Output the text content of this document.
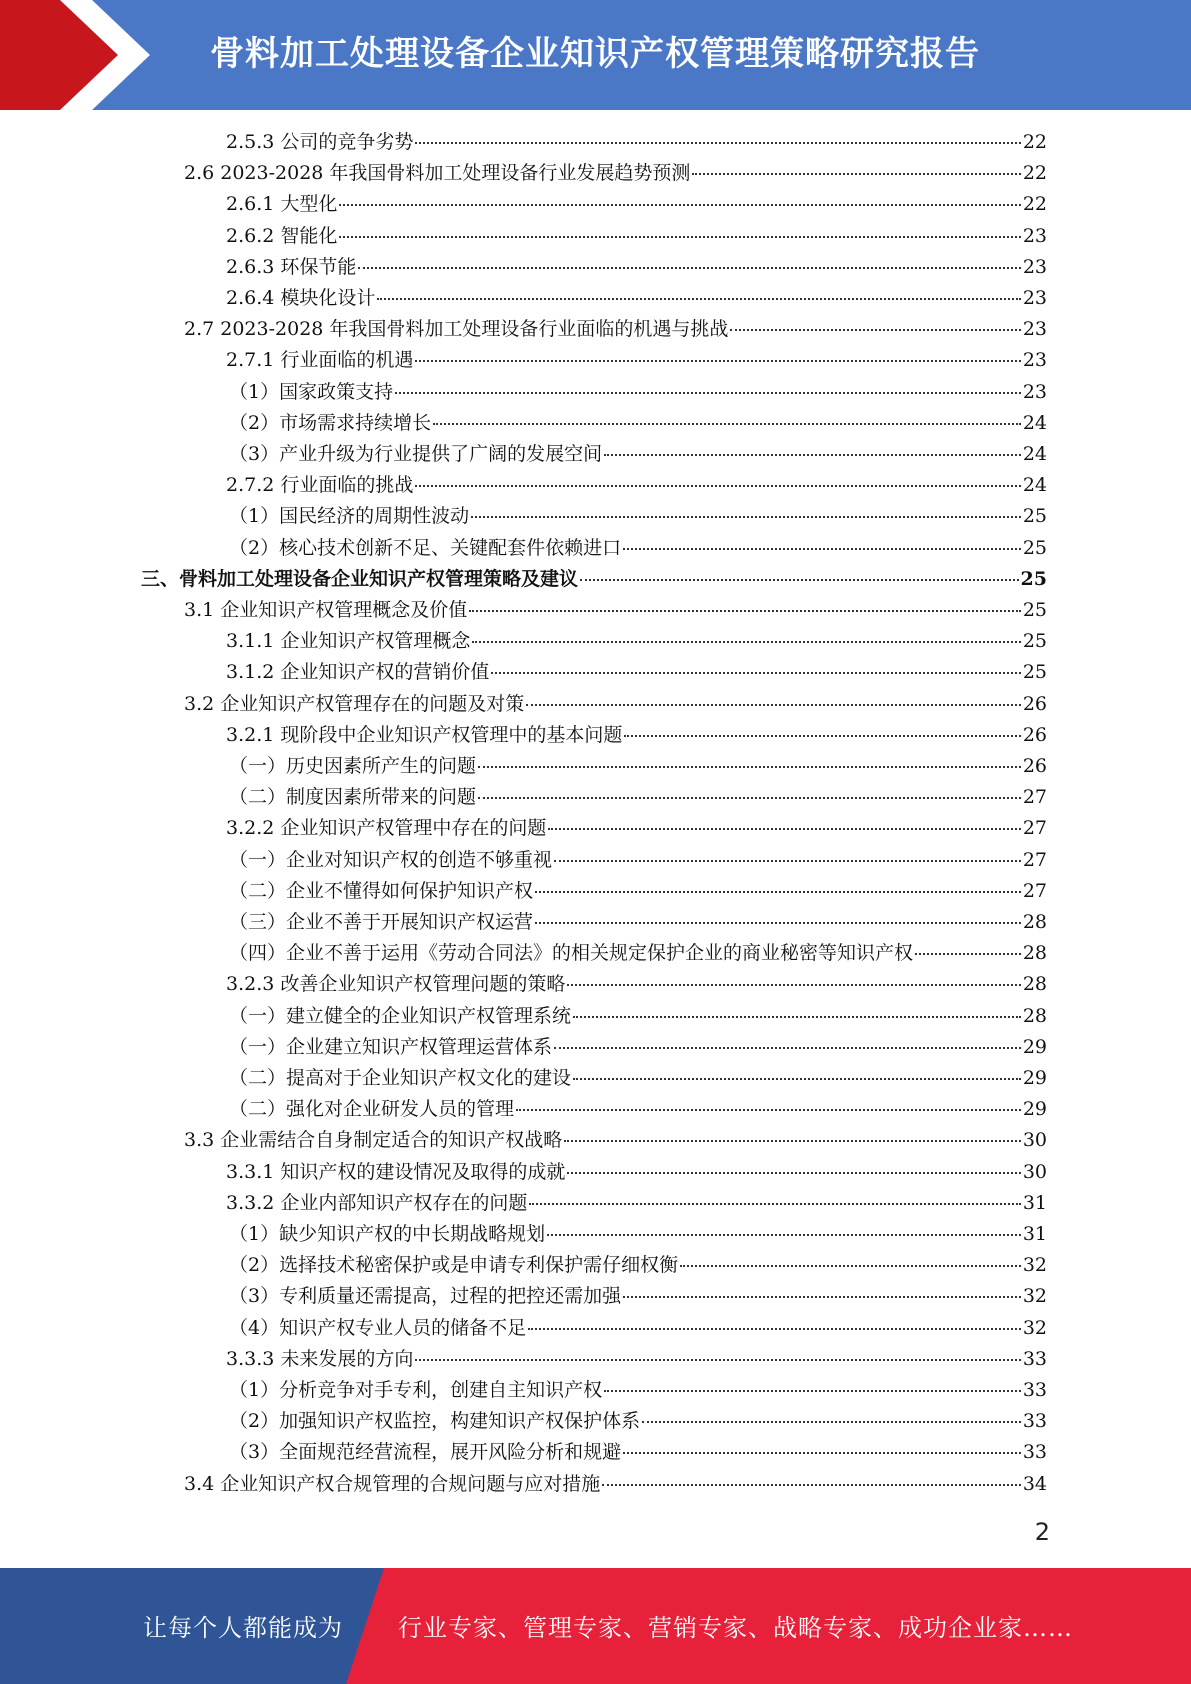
骨料加工处理设备企业知识产权管理策略研究报告
2.5.3 公司的竞争劣势	22
2.6 2023-2028 年我国骨料加工处理设备行业发展趋势预测	22
2.6.1 大型化	22
2.6.2 智能化	23
2.6.3 环保节能	23
2.6.4 模块化设计	23
2.7 2023-2028 年我国骨料加工处理设备行业面临的机遇与挑战	23
2.7.1 行业面临的机遇	23
（1）国家政策支持	23
（2）市场需求持续增长	24
（3）产业升级为行业提供了广阔的发展空间	24
2.7.2 行业面临的挑战	24
（1）国民经济的周期性波动	25
（2）核心技术创新不足、关键配套件依赖进口	25
三、骨料加工处理设备企业知识产权管理策略及建议	25
3.1 企业知识产权管理概念及价值	25
3.1.1 企业知识产权管理概念	25
3.1.2 企业知识产权的营销价值	25
3.2 企业知识产权管理存在的问题及对策	26
3.2.1 现阶段中企业知识产权管理中的基本问题	26
（一）历史因素所产生的问题	26
（二）制度因素所带来的问题	27
3.2.2 企业知识产权管理中存在的问题	27
（一）企业对知识产权的创造不够重视	27
（二）企业不懂得如何保护知识产权	27
（三）企业不善于开展知识产权运营	28
（四）企业不善于运用《劳动合同法》的相关规定保护企业的商业秘密等知识产权	28
3.2.3 改善企业知识产权管理问题的策略	28
（一）建立健全的企业知识产权管理系统	28
（一）企业建立知识产权管理运营体系	29
（二）提高对于企业知识产权文化的建设	29
（二）强化对企业研发人员的管理	29
3.3 企业需结合自身制定适合的知识产权战略	30
3.3.1 知识产权的建设情况及取得的成就	30
3.3.2 企业内部知识产权存在的问题	31
（1）缺少知识产权的中长期战略规划	31
（2）选择技术秘密保护或是申请专利保护需仔细权衡	32
（3）专利质量还需提高，过程的把控还需加强	32
（4）知识产权专业人员的储备不足	32
3.3.3 未来发展的方向	33
（1）分析竞争对手专利，创建自主知识产权	33
（2）加强知识产权监控，构建知识产权保护体系	33
（3）全面规范经营流程，展开风险分析和规避	33
3.4 企业知识产权合规管理的合规问题与应对措施	34
2
让每个人都能成为 行业专家、管理专家、营销专家、战略专家、成功企业家……
